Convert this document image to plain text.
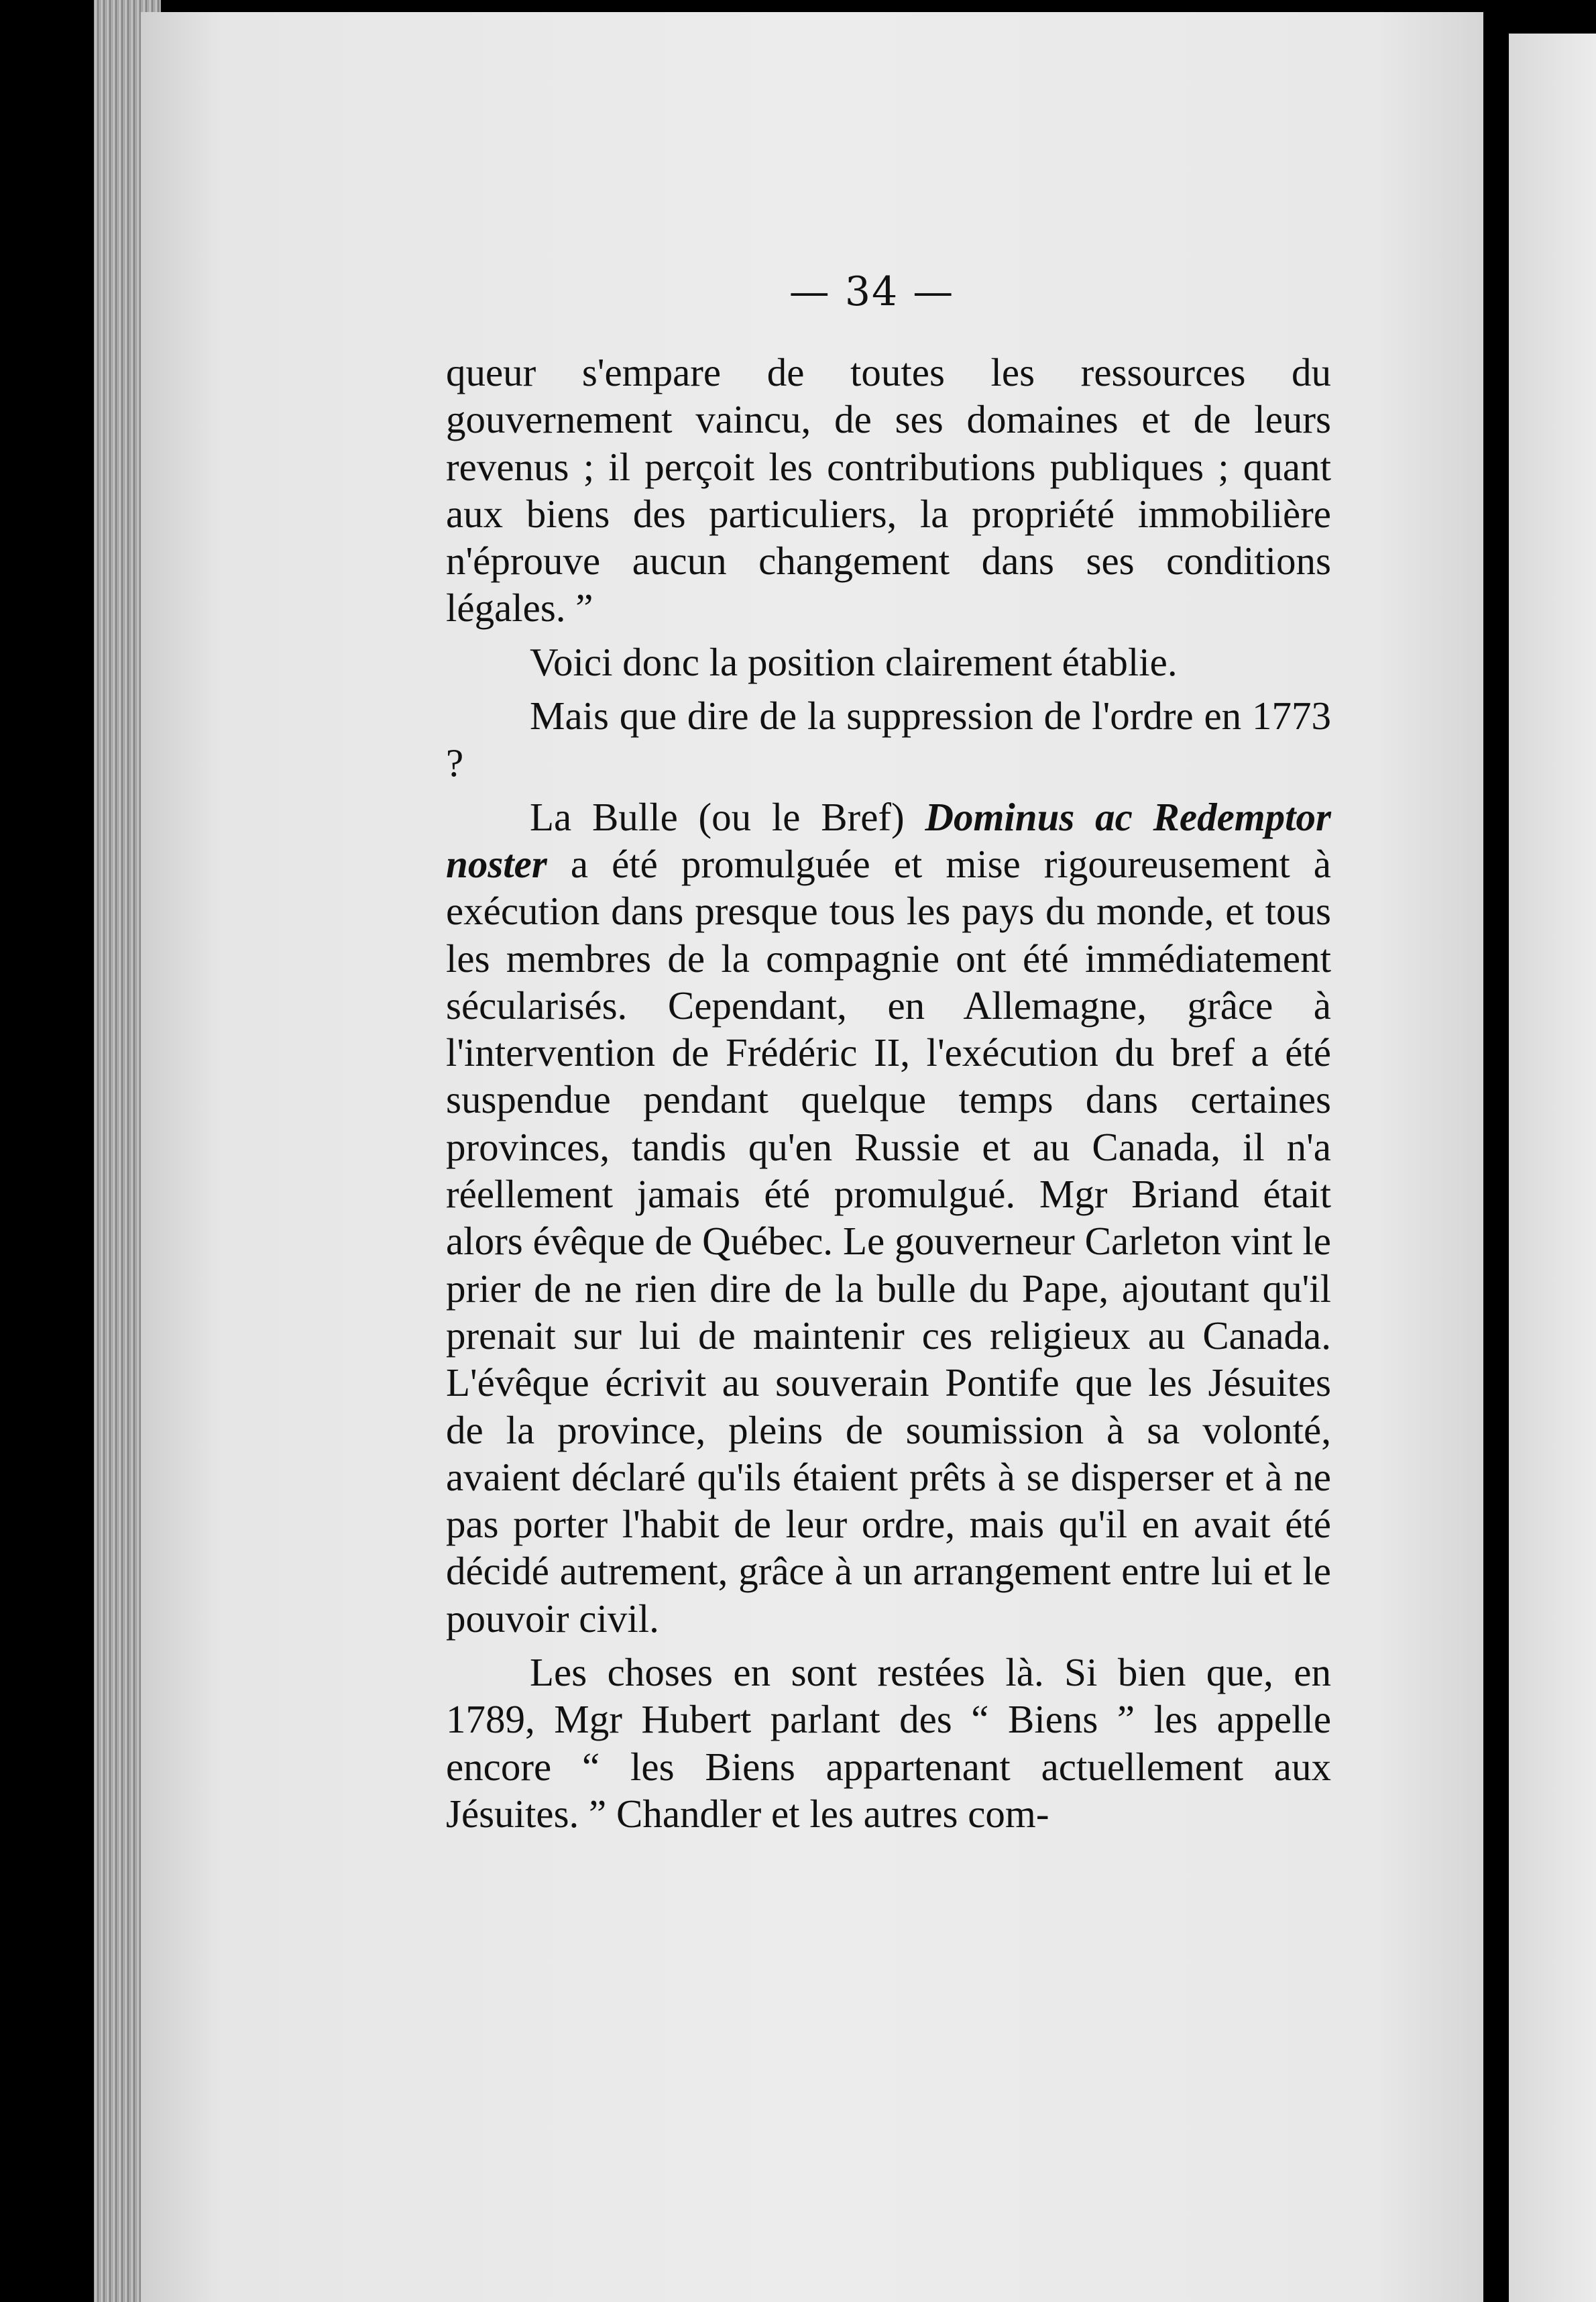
— 34 —

queur s'empare de toutes les ressources du gouvernement vaincu, de ses domaines et de leurs revenus ; il perçoit les contributions publiques ; quant aux biens des particuliers, la propriété immobilière n'éprouve aucun changement dans ses conditions légales. ”

Voici donc la position clairement établie.

Mais que dire de la suppression de l'ordre en 1773 ?

La Bulle (ou le Bref) Dominus ac Redemptor noster a été promulguée et mise rigoureusement à exécution dans presque tous les pays du monde, et tous les membres de la compagnie ont été immédiatement sécularisés. Cependant, en Allemagne, grâce à l'intervention de Frédéric II, l'exécution du bref a été suspendue pendant quelque temps dans certaines provinces, tandis qu'en Russie et au Canada, il n'a réellement jamais été promulgué. Mgr Briand était alors évêque de Québec. Le gouverneur Carleton vint le prier de ne rien dire de la bulle du Pape, ajoutant qu'il prenait sur lui de maintenir ces religieux au Canada. L'évêque écrivit au souverain Pontife que les Jésuites de la province, pleins de soumission à sa volonté, avaient déclaré qu'ils étaient prêts à se disperser et à ne pas porter l'habit de leur ordre, mais qu'il en avait été décidé autrement, grâce à un arrangement entre lui et le pouvoir civil.

Les choses en sont restées là. Si bien que, en 1789, Mgr Hubert parlant des “ Biens ” les appelle encore “ les Biens appartenant actuellement aux Jésuites. ” Chandler et les autres com-
